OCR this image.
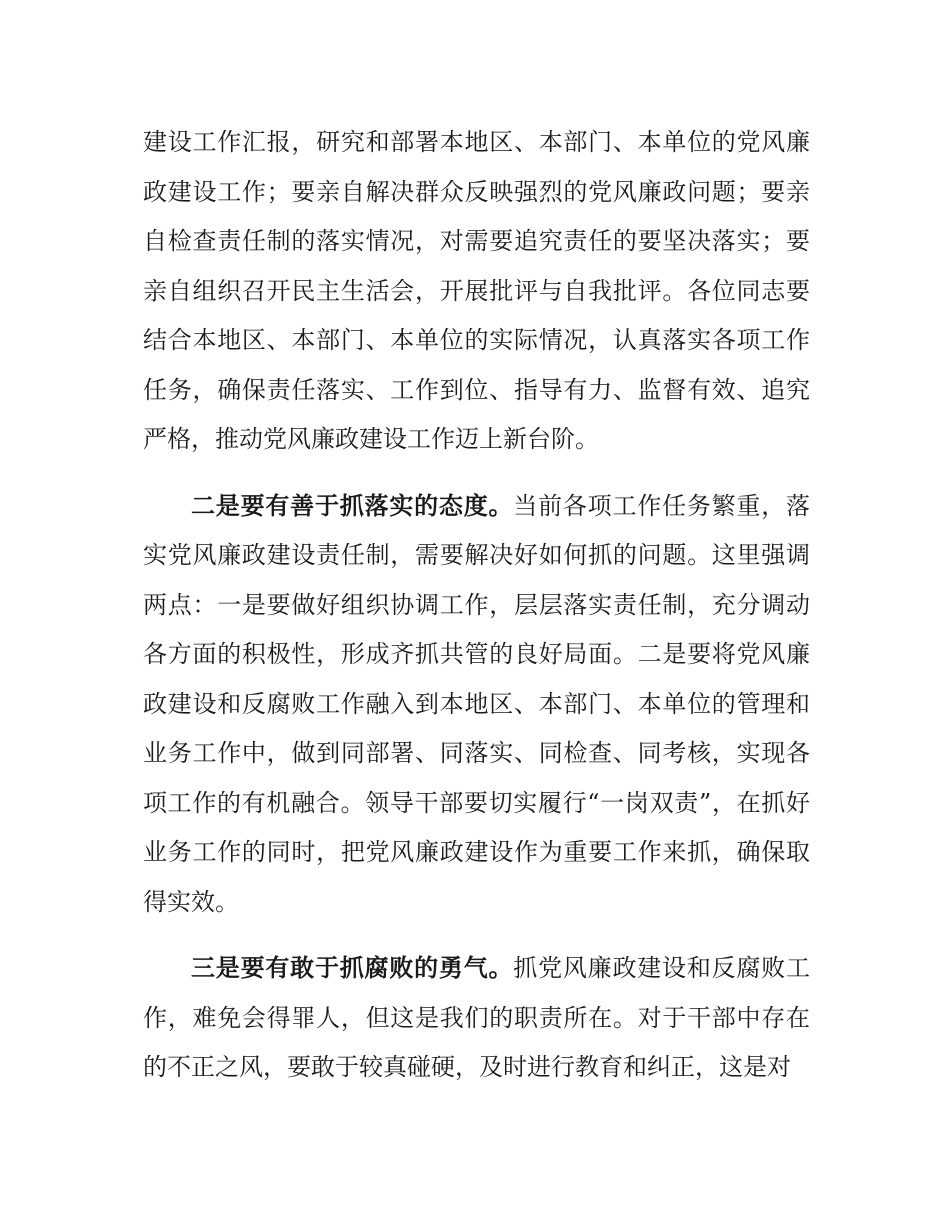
建设工作汇报，研究和部署本地区、本部门、本单位的党风廉政建设工作；要亲自解决群众反映强烈的党风廉政问题；要亲自检查责任制的落实情况，对需要追究责任的要坚决落实；要亲自组织召开民主生活会，开展批评与自我批评。各位同志要结合本地区、本部门、本单位的实际情况，认真落实各项工作任务，确保责任落实、工作到位、指导有力、监督有效、追究严格，推动党风廉政建设工作迈上新台阶。

二是要有善于抓落实的态度。当前各项工作任务繁重，落实党风廉政建设责任制，需要解决好如何抓的问题。这里强调两点：一是要做好组织协调工作，层层落实责任制，充分调动各方面的积极性，形成齐抓共管的良好局面。二是要将党风廉政建设和反腐败工作融入到本地区、本部门、本单位的管理和业务工作中，做到同部署、同落实、同检查、同考核，实现各项工作的有机融合。领导干部要切实履行“一岗双责”，在抓好业务工作的同时，把党风廉政建设作为重要工作来抓，确保取得实效。

三是要有敢于抓腐败的勇气。抓党风廉政建设和反腐败工作，难免会得罪人，但这是我们的职责所在。对于干部中存在的不正之风，要敢于较真碰硬，及时进行教育和纠正，这是对
